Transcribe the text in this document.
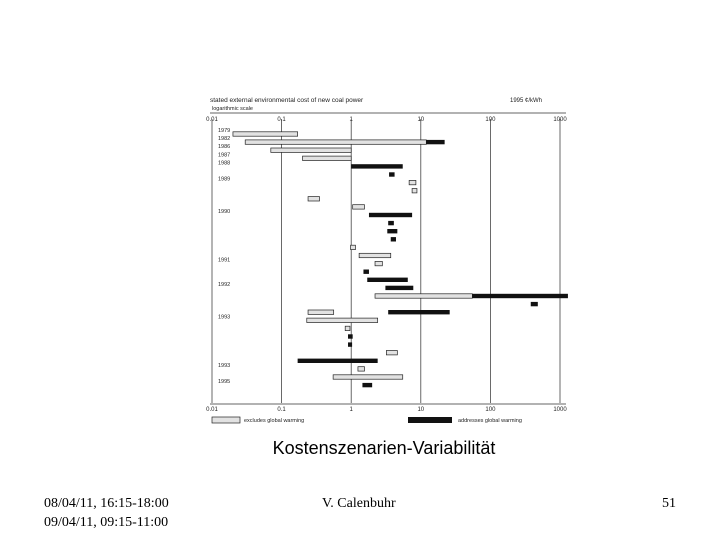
0.01
0.01
0.1
0.1
1
1
10
10
100
100
1000
1000
1979
1982
1986
1987
1988
1989
1990
1991
1992
1993
1993
1995
excludes global warming	addresses global warming
stated external environmental cost of new coal power
logarithmic scale
1995 ¢/kWh
Kostenszenarien-Variabilität
08/04/11, 16:15-18:00
09/04/11, 09:15-11:00
V. Calenbuhr	51
